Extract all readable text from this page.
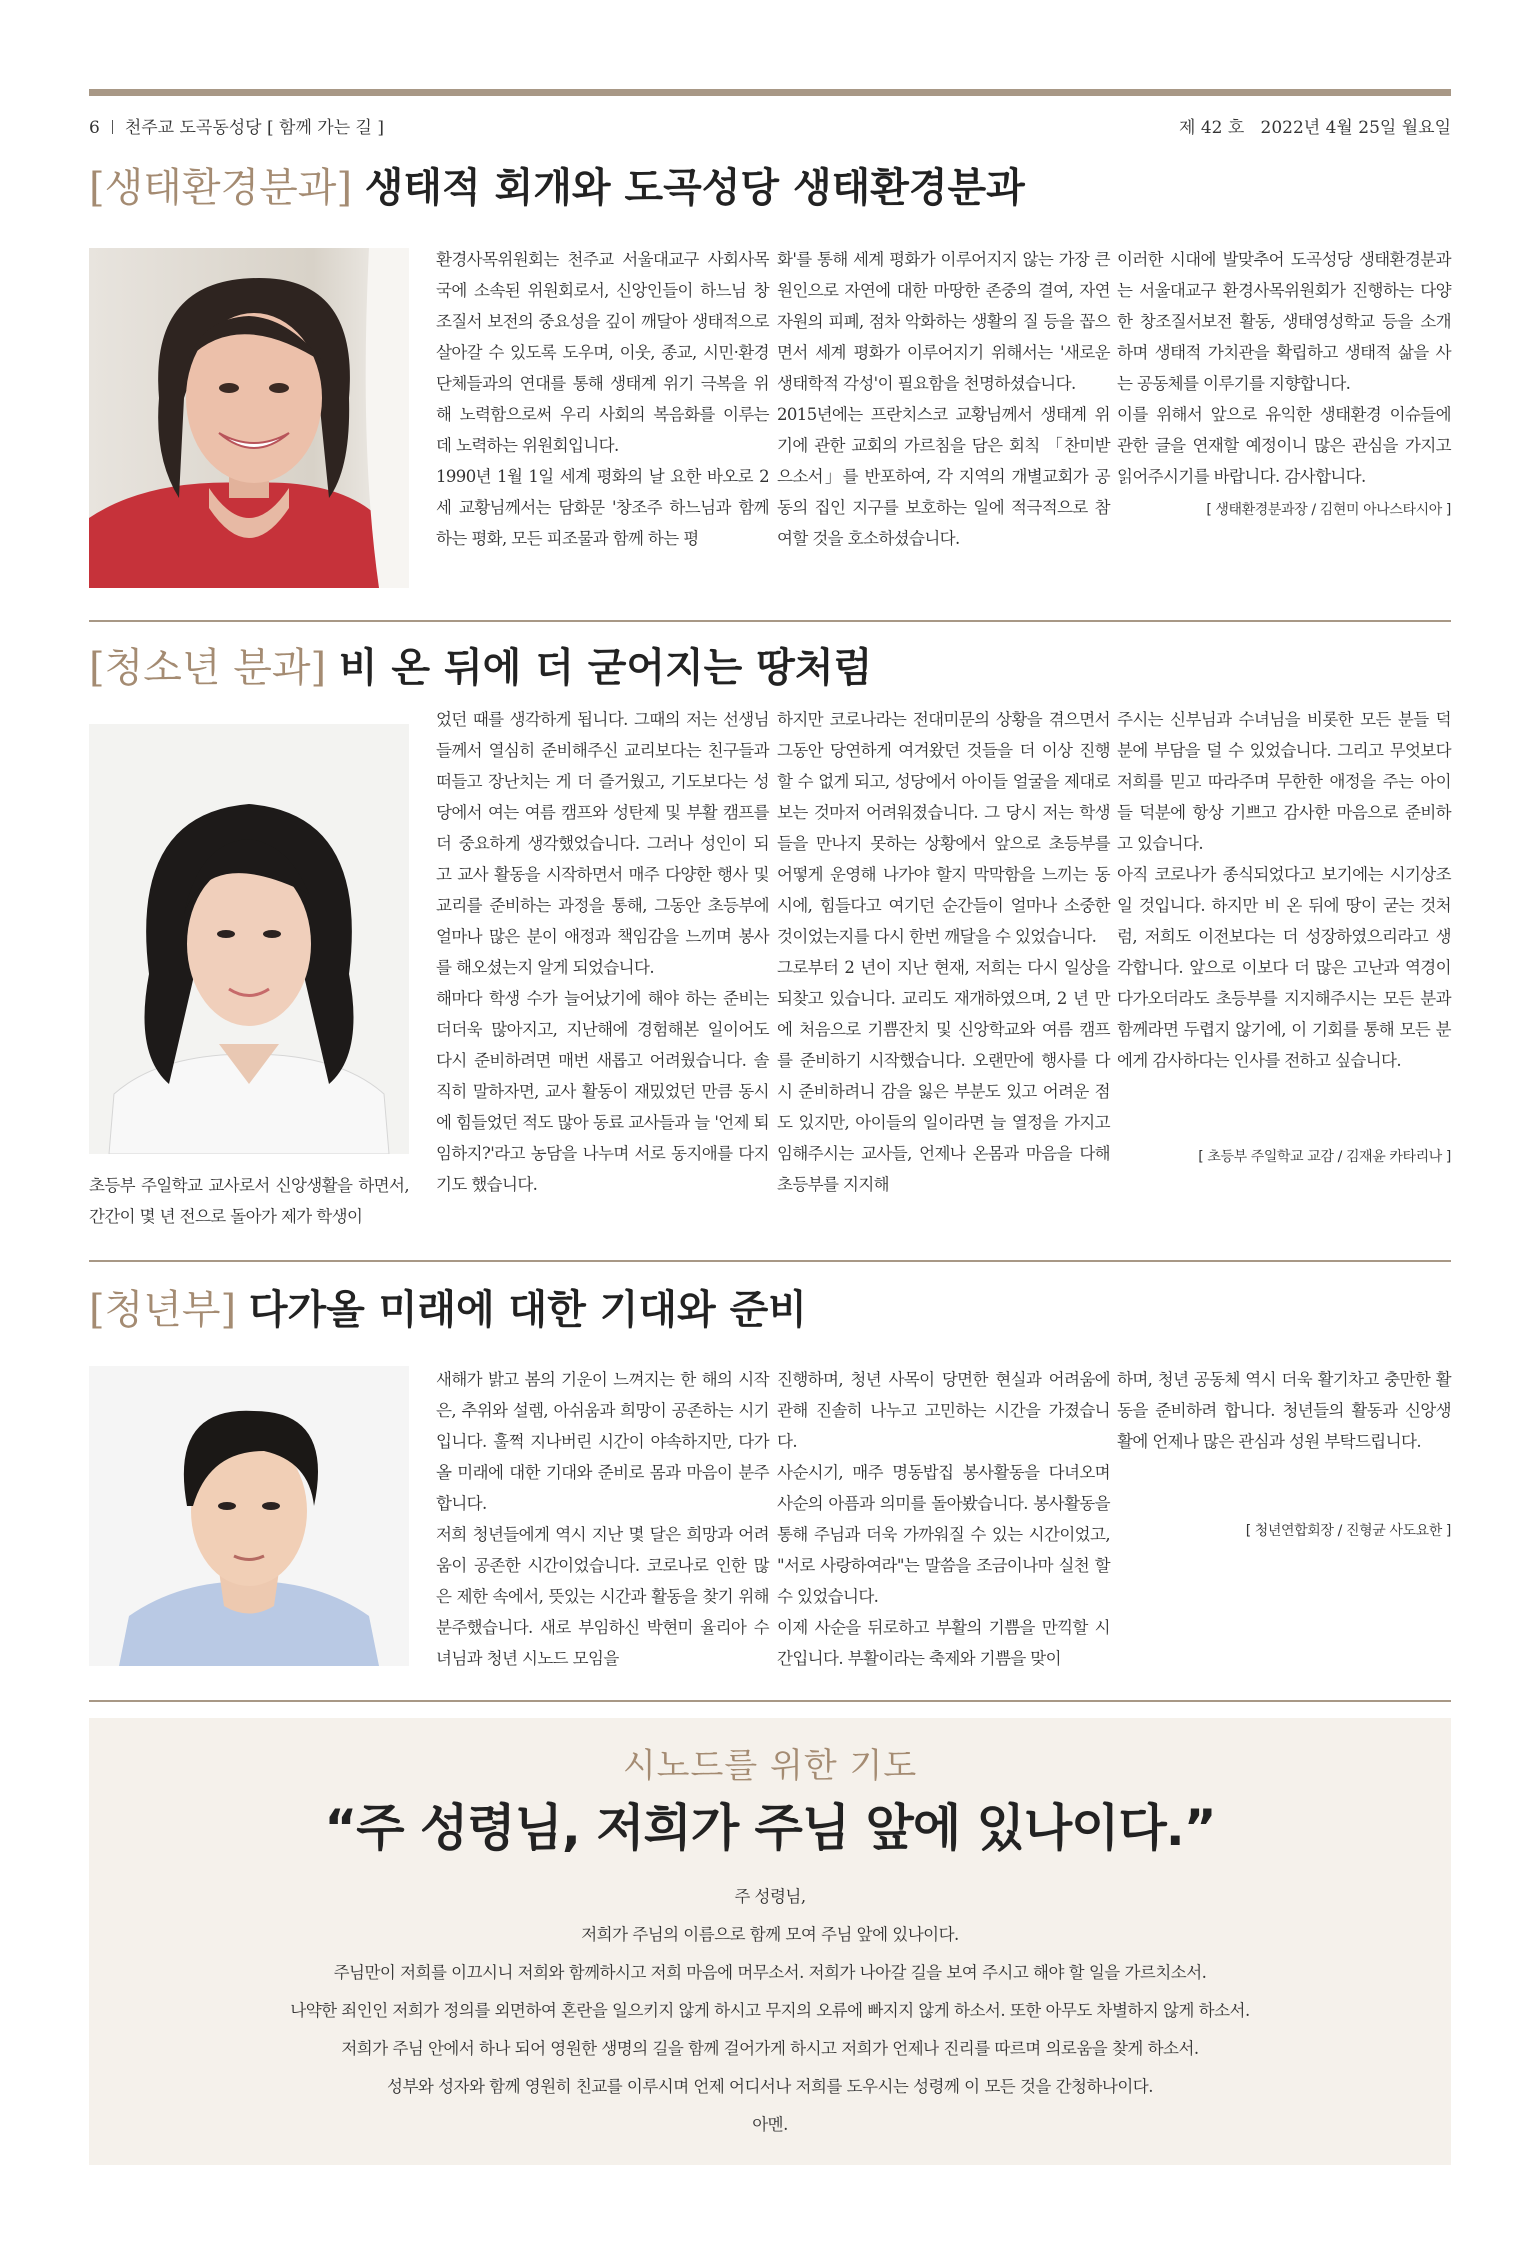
6 천주교 도곡동성당 [ 함께 가는 길 ]	제 42 호 2022년 4월 25일 월요일
[생태환경분과] 생태적 회개와 도곡성당 생태환경분과

환경사목위원회는 천주교 서울대교구 사회사목국에 소속된 위원회로서, 신앙인들이 하느님 창조질서 보전의 중요성을 깊이 깨달아 생태적으로 살아갈 수 있도록 도우며, 이웃, 종교, 시민·환경단체들과의 연대를 통해 생태계 위기 극복을 위해 노력함으로써 우리 사회의 복음화를 이루는 데 노력하는 위원회입니다.

1990년 1월 1일 세계 평화의 날 요한 바오로 2세 교황님께서는 담화문 '창조주 하느님과 함께하는 평화, 모든 피조물과 함께 하는 평

화'를 통해 세계 평화가 이루어지지 않는 가장 큰 원인으로 자연에 대한 마땅한 존중의 결여, 자연자원의 피폐, 점차 악화하는 생활의 질 등을 꼽으면서 세계 평화가 이루어지기 위해서는 '새로운 생태학적 각성'이 필요함을 천명하셨습니다.

2015년에는 프란치스코 교황님께서 생태계 위기에 관한 교회의 가르침을 담은 회칙 「찬미받으소서」를 반포하여, 각 지역의 개별교회가 공동의 집인 지구를 보호하는 일에 적극적으로 참여할 것을 호소하셨습니다.

이러한 시대에 발맞추어 도곡성당 생태환경분과는 서울대교구 환경사목위원회가 진행하는 다양한 창조질서보전 활동, 생태영성학교 등을 소개하며 생태적 가치관을 확립하고 생태적 삶을 사는 공동체를 이루기를 지향합니다.

이를 위해서 앞으로 유익한 생태환경 이슈들에 관한 글을 연재할 예정이니 많은 관심을 가지고 읽어주시기를 바랍니다. 감사합니다.

[ 생태환경분과장 / 김현미 아나스타시아 ]
[청소년 분과] 비 온 뒤에 더 굳어지는 땅처럼

초등부 주일학교 교사로서 신앙생활을 하면서, 간간이 몇 년 전으로 돌아가 제가 학생이

었던 때를 생각하게 됩니다. 그때의 저는 선생님들께서 열심히 준비해주신 교리보다는 친구들과 떠들고 장난치는 게 더 즐거웠고, 기도보다는 성당에서 여는 여름 캠프와 성탄제 및 부활 캠프를 더 중요하게 생각했었습니다. 그러나 성인이 되고 교사 활동을 시작하면서 매주 다양한 행사 및 교리를 준비하는 과정을 통해, 그동안 초등부에 얼마나 많은 분이 애정과 책임감을 느끼며 봉사를 해오셨는지 알게 되었습니다.

해마다 학생 수가 늘어났기에 해야 하는 준비는 더더욱 많아지고, 지난해에 경험해본 일이어도 다시 준비하려면 매번 새롭고 어려웠습니다. 솔직히 말하자면, 교사 활동이 재밌었던 만큼 동시에 힘들었던 적도 많아 동료 교사들과 늘 '언제 퇴임하지?'라고 농담을 나누며 서로 동지애를 다지기도 했습니다.

하지만 코로나라는 전대미문의 상황을 겪으면서 그동안 당연하게 여겨왔던 것들을 더 이상 진행할 수 없게 되고, 성당에서 아이들 얼굴을 제대로 보는 것마저 어려워졌습니다. 그 당시 저는 학생들을 만나지 못하는 상황에서 앞으로 초등부를 어떻게 운영해 나가야 할지 막막함을 느끼는 동시에, 힘들다고 여기던 순간들이 얼마나 소중한 것이었는지를 다시 한번 깨달을 수 있었습니다.

그로부터 2 년이 지난 현재, 저희는 다시 일상을 되찾고 있습니다. 교리도 재개하였으며, 2 년 만에 처음으로 기쁨잔치 및 신앙학교와 여름 캠프를 준비하기 시작했습니다. 오랜만에 행사를 다시 준비하려니 감을 잃은 부분도 있고 어려운 점도 있지만, 아이들의 일이라면 늘 열정을 가지고 임해주시는 교사들, 언제나 온몸과 마음을 다해 초등부를 지지해

주시는 신부님과 수녀님을 비롯한 모든 분들 덕분에 부담을 덜 수 있었습니다. 그리고 무엇보다 저희를 믿고 따라주며 무한한 애정을 주는 아이들 덕분에 항상 기쁘고 감사한 마음으로 준비하고 있습니다.

아직 코로나가 종식되었다고 보기에는 시기상조일 것입니다. 하지만 비 온 뒤에 땅이 굳는 것처럼, 저희도 이전보다는 더 성장하였으리라고 생각합니다. 앞으로 이보다 더 많은 고난과 역경이 다가오더라도 초등부를 지지해주시는 모든 분과 함께라면 두렵지 않기에, 이 기회를 통해 모든 분에게 감사하다는 인사를 전하고 싶습니다.

[ 초등부 주일학교 교감 / 김재윤 카타리나 ]
[청년부] 다가올 미래에 대한 기대와 준비

새해가 밝고 봄의 기운이 느껴지는 한 해의 시작은, 추위와 설렘, 아쉬움과 희망이 공존하는 시기입니다. 훌쩍 지나버린 시간이 야속하지만, 다가올 미래에 대한 기대와 준비로 몸과 마음이 분주합니다.

저희 청년들에게 역시 지난 몇 달은 희망과 어려움이 공존한 시간이었습니다. 코로나로 인한 많은 제한 속에서, 뜻있는 시간과 활동을 찾기 위해 분주했습니다. 새로 부임하신 박현미 율리아 수녀님과 청년 시노드 모임을

진행하며, 청년 사목이 당면한 현실과 어려움에 관해 진솔히 나누고 고민하는 시간을 가졌습니다.

사순시기, 매주 명동밥집 봉사활동을 다녀오며 사순의 아픔과 의미를 돌아봤습니다. 봉사활동을 통해 주님과 더욱 가까워질 수 있는 시간이었고, "서로 사랑하여라"는 말씀을 조금이나마 실천 할 수 있었습니다.

이제 사순을 뒤로하고 부활의 기쁨을 만끽할 시간입니다. 부활이라는 축제와 기쁨을 맞이

하며, 청년 공동체 역시 더욱 활기차고 충만한 활동을 준비하려 합니다. 청년들의 활동과 신앙생활에 언제나 많은 관심과 성원 부탁드립니다.

[ 청년연합회장 / 진형균 사도요한 ]
시노드를 위한 기도
“주 성령님, 저희가 주님 앞에 있나이다.”
주 성령님,
저희가 주님의 이름으로 함께 모여 주님 앞에 있나이다.
주님만이 저희를 이끄시니 저희와 함께하시고 저희 마음에 머무소서. 저희가 나아갈 길을 보여 주시고 해야 할 일을 가르치소서.
나약한 죄인인 저희가 정의를 외면하여 혼란을 일으키지 않게 하시고 무지의 오류에 빠지지 않게 하소서. 또한 아무도 차별하지 않게 하소서.
저희가 주님 안에서 하나 되어 영원한 생명의 길을 함께 걸어가게 하시고 저희가 언제나 진리를 따르며 의로움을 찾게 하소서.
성부와 성자와 함께 영원히 친교를 이루시며 언제 어디서나 저희를 도우시는 성령께 이 모든 것을 간청하나이다.
아멘.
